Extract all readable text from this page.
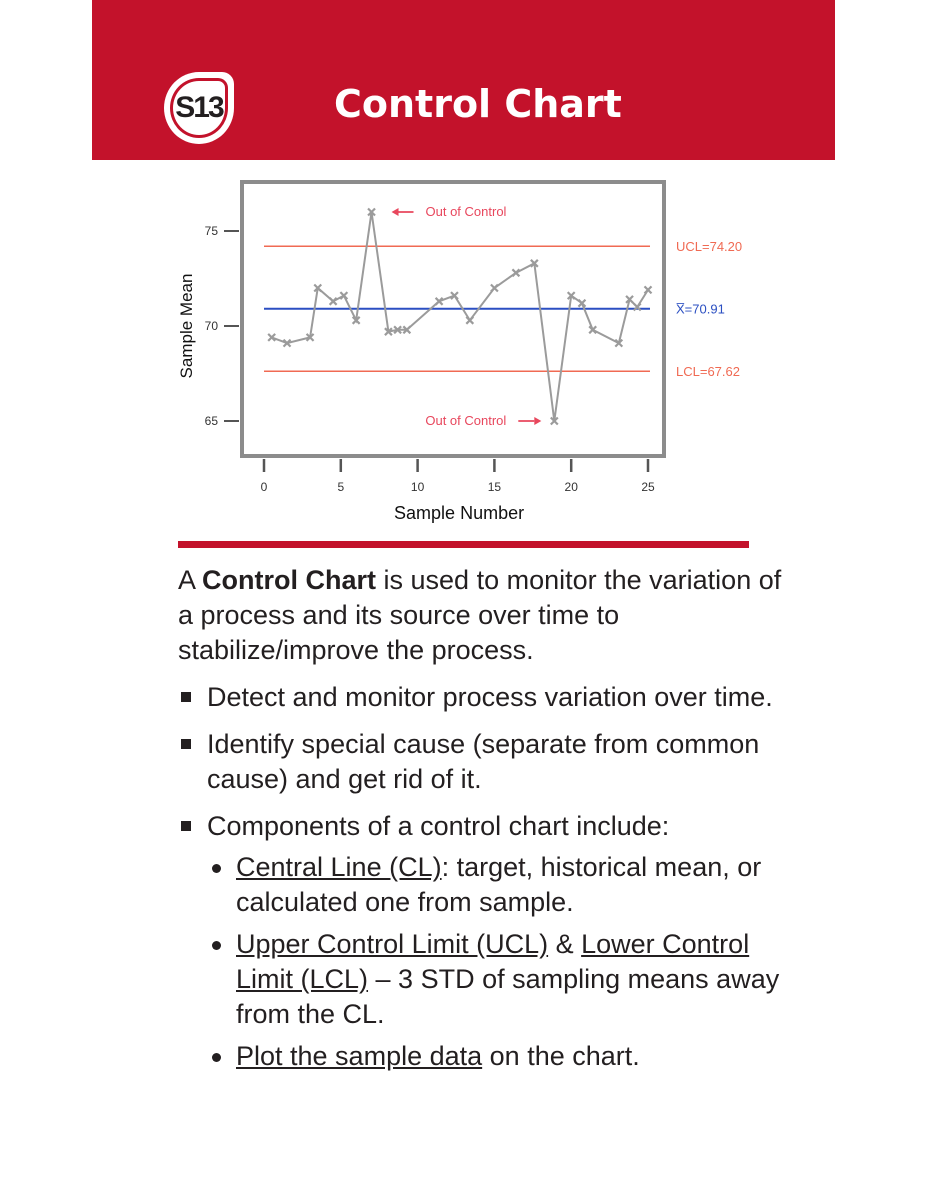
S13	Control Chart
65
70
75
0	5	10	15	20	25
Sample Number
Sample Mean
UCL=74.20
X̅=70.91
LCL=67.62
Out of Control
Out of Control

A Control Chart is used to monitor the variation of a process and its source over time to stabilize/improve the process.

Detect and monitor process variation over time.
Identify special cause (separate from common cause) and get rid of it.
Components of a control chart include:
Central Line (CL): target, historical mean, or calculated one from sample.
Upper Control Limit (UCL) & Lower Control Limit (LCL) – 3 STD of sampling means away from the CL.
Plot the sample data on the chart.
